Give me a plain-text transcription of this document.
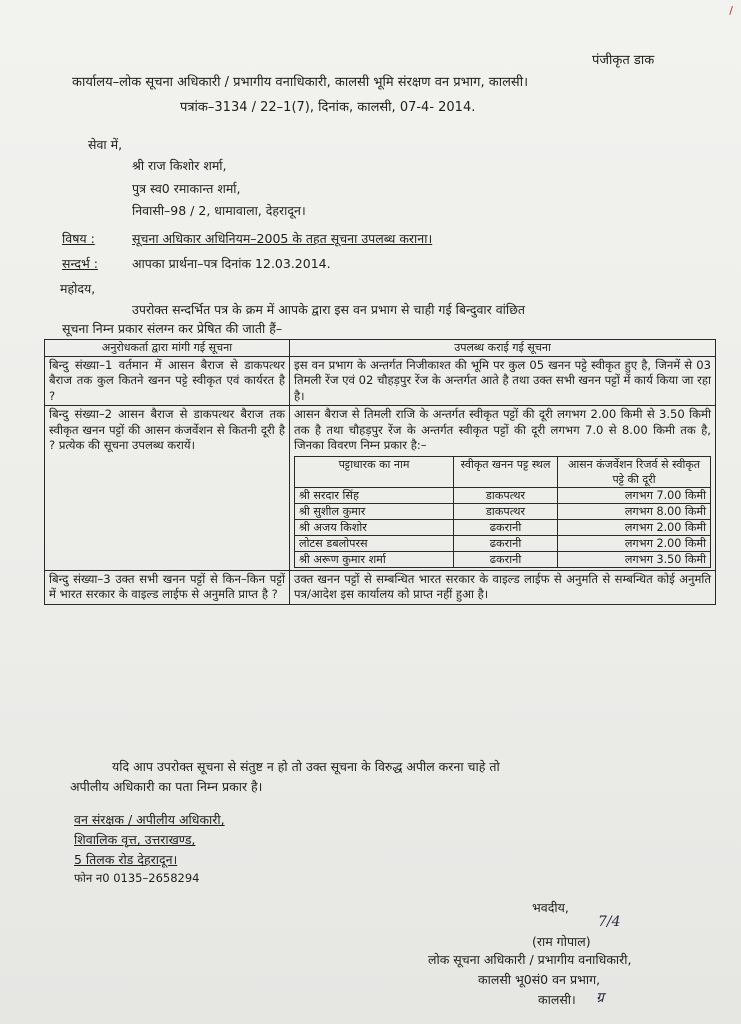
/
पंजीकृत डाक
कार्यालय–लोक सूचना अधिकारी / प्रभागीय वनाधिकारी, कालसी भूमि संरक्षण वन प्रभाग, कालसी।
पत्रांक–3134 / 22–1(7), दिनांक, कालसी, 07-4- 2014.
सेवा में,
श्री राज किशोर शर्मा,
पुत्र स्व0 रमाकान्त शर्मा,
निवासी–98 / 2, धामावाला, देहरादून।
विषय :	सूचना अधिकार अधिनियम–2005 के तहत सूचना उपलब्ध कराना।
सन्दर्भ :	आपका प्रार्थना–पत्र दिनांक 12.03.2014.
महोदय,
उपरोक्त सन्दर्भित पत्र के क्रम में आपके द्वारा इस वन प्रभाग से चाही गई बिन्दुवार वांछित
सूचना निम्न प्रकार संलग्न कर प्रेषित की जाती हैं–
अनुरोधकर्ता द्वारा मांगी गई सूचना	उपलब्ध कराई गई सूचना
बिन्दु संख्या–1 वर्तमान में आसन बैराज से डाकपत्थर बैराज तक कुल कितने खनन पट्टे स्वीकृत एवं कार्यरत है ?	इस वन प्रभाग के अन्तर्गत निजीकाश्त की भूमि पर कुल 05 खनन पट्टे स्वीकृत हुए है, जिनमें से 03 तिमली रेंज एवं 02 चौहड़पुर रेंज के अन्तर्गत आते है तथा उक्त सभी खनन पट्टों में कार्य किया जा रहा है।
बिन्दु संख्या–2 आसन बैराज से डाकपत्थर बैराज तक स्वीकृत खनन पट्टों की आसन कंजर्वेशन से कितनी दूरी है ? प्रत्येक की सूचना उपलब्ध करायें।	
आसन बैराज से तिमली राजि के अन्तर्गत स्वीकृत पट्टों की दूरी लगभग 2.00 किमी से 3.50 किमी तक है तथा चौहड़पुर रेंज के अन्तर्गत स्वीकृत पट्टों की दूरी लगभग 7.0 से 8.00 किमी तक है, जिनका विवरण निम्न प्रकार है:–
पट्टाधारक का नाम	स्वीकृत खनन पट्ट स्थल	आसन कंजर्वेशन रिजर्व से स्वीकृत पट्टे की दूरी
श्री सरदार सिंह	डाकपत्थर	लगभग 7.00 किमी
श्री सुशील कुमार	डाकपत्थर	लगभग 8.00 किमी
श्री अजय किशोर	ढकरानी	लगभग 2.00 किमी
लोटस डबलोपरस	ढकरानी	लगभग 2.00 किमी
श्री अरूण कुमार शर्मा	ढकरानी	लगभग 3.50 किमी

बिन्दु संख्या–3 उक्त सभी खनन पट्टों से किन–किन पट्टों में भारत सरकार के वाइल्ड लाईफ से अनुमति प्राप्त है ?	उक्त खनन पट्टों से सम्बन्धित भारत सरकार के वाइल्ड लाईफ से अनुमति से सम्बन्धित कोई अनुमति पत्र/आदेश इस कार्यालय को प्राप्त नहीं हुआ है।
यदि आप उपरोक्त सूचना से संतुष्ट न हो तो उक्त सूचना के विरुद्ध अपील करना चाहे तो
अपीलीय अधिकारी का पता निम्न प्रकार है।
वन संरक्षक / अपीलीय अधिकारी,
शिवालिक वृत्त, उत्तराखण्ड,
5 तिलक रोड देहरादून।
फोन न0 0135–2658294
भवदीय,
7/4
(राम गोपाल)
लोक सूचना अधिकारी / प्रभागीय वनाधिकारी,
कालसी भू0सं0 वन प्रभाग,
कालसी। ग्र
